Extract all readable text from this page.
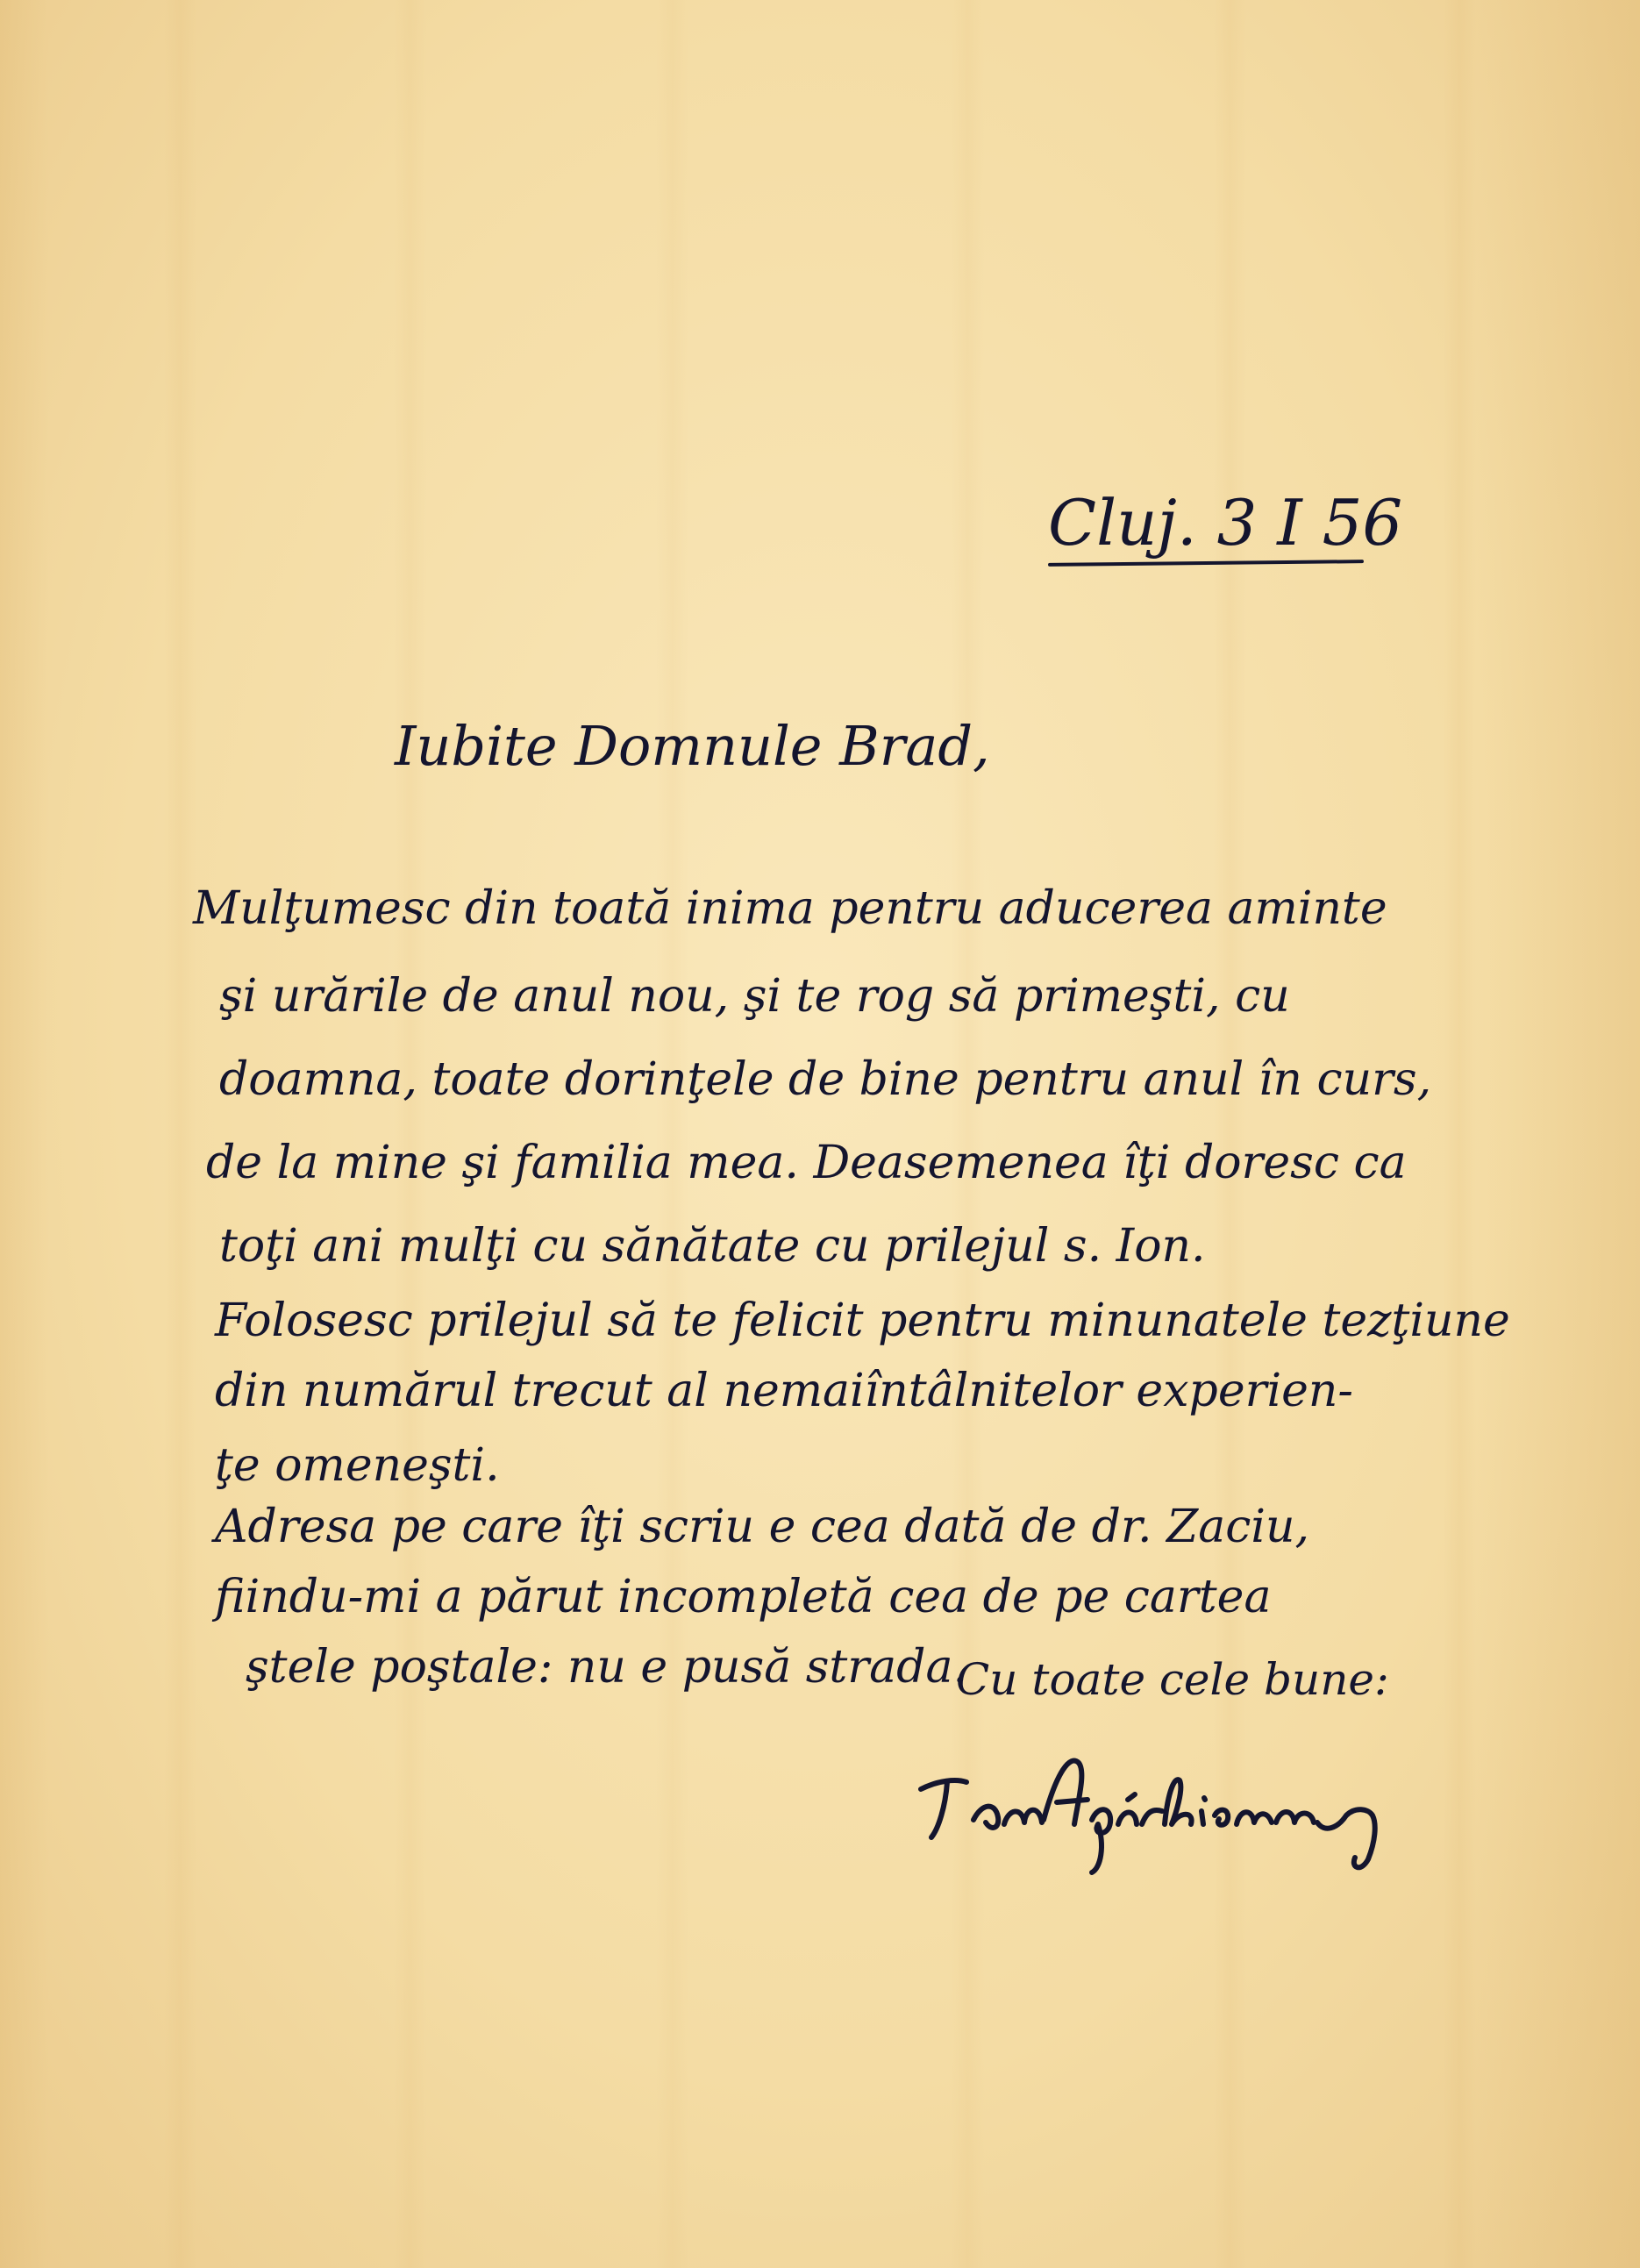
Cluj. 3 I 56

Iubite Domnule Brad,

Mulţumesc din toată inima pentru aducerea aminte

şi urările de anul nou, şi te rog să primeşti, cu

doamna, toate dorinţele de bine pentru anul în curs,

de la mine şi familia mea. Deasemenea îţi doresc ca

toţi ani mulţi cu sănătate cu prilejul s. Ion.

Folosesc prilejul să te felicit pentru minunatele tezţiune

din numărul trecut al nemaiîntâlnitelor experien-

ţe omeneşti.

Adresa pe care îţi scriu e cea dată de dr. Zaciu,

fiindu-mi a părut incompletă cea de pe cartea

ştele poştale: nu e pusă strada.

Cu toate cele bune:
